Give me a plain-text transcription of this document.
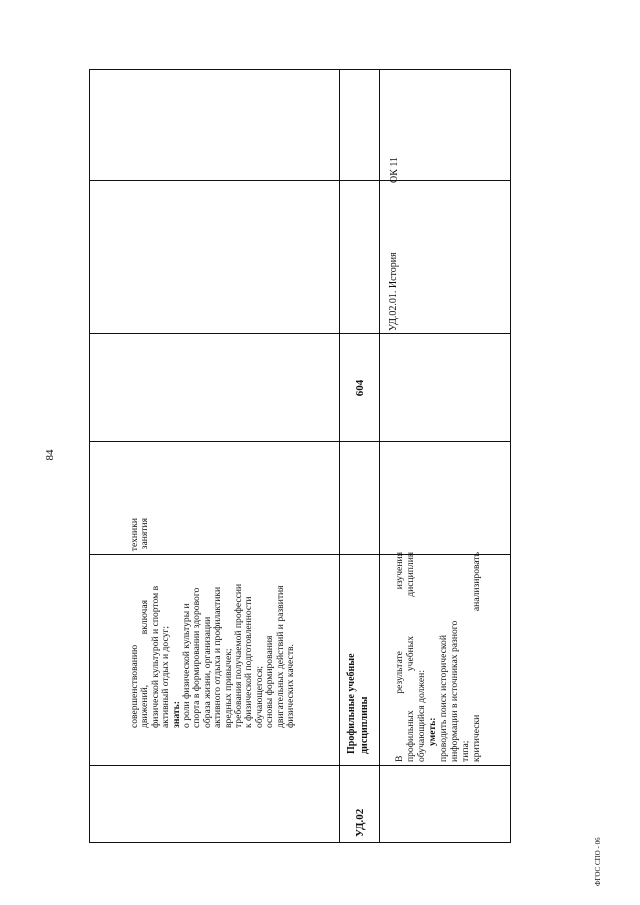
84
ФГОС СПО - 06
совершенствованию техники движений, включая занятия физической культурой и спортом в активный отдых и досуг; знать: о роли физической культуры и спорта в формировании здорового образа жизни, организации активного отдыха и профилактики вредных привычек; требования получаемой профессии к физической подготовленности обучающегося; основы формирования двигательных действий и развития физических качеств.
УД.02
Профильные учебные дисциплины
604
В результате изучения профильных учебных дисциплин обучающийся должен: уметь: проводить поиск исторической информации в источниках разного типа; критически анализировать
УД.02.01. История
ОК 11
